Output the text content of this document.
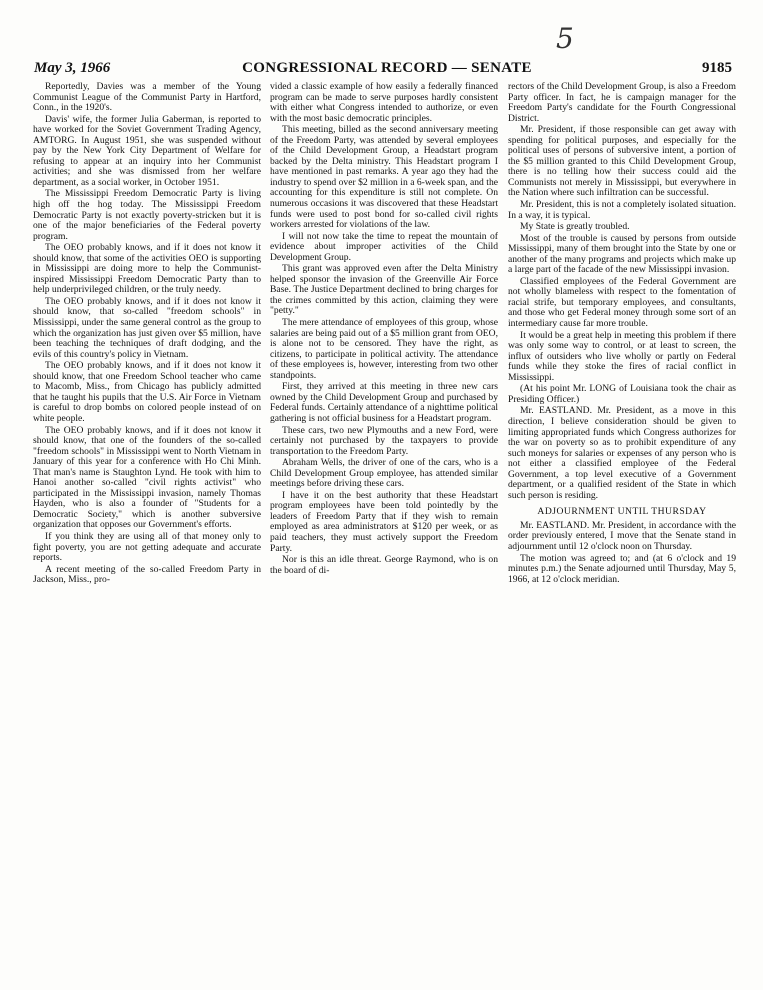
5
May 3, 1966	CONGRESSIONAL RECORD — SENATE	9185

Reportedly, Davies was a member of the Young Communist League of the Communist Party in Hartford, Conn., in the 1920's.

Davis' wife, the former Julia Gaberman, is reported to have worked for the Soviet Government Trading Agency, AMTORG. In August 1951, she was suspended without pay by the New York City Department of Welfare for refusing to appear at an inquiry into her Communist activities; and she was dismissed from her welfare department, as a social worker, in October 1951.

The Mississippi Freedom Democratic Party is living high off the hog today. The Mississippi Freedom Democratic Party is not exactly poverty-stricken but it is one of the major beneficiaries of the Federal poverty program.

The OEO probably knows, and if it does not know it should know, that some of the activities OEO is supporting in Mississippi are doing more to help the Communist-inspired Mississippi Freedom Democratic Party than to help underprivileged children, or the truly needy.

The OEO probably knows, and if it does not know it should know, that so-called "freedom schools" in Mississippi, under the same general control as the group to which the organization has just given over $5 million, have been teaching the techniques of draft dodging, and the evils of this country's policy in Vietnam.

The OEO probably knows, and if it does not know it should know, that one Freedom School teacher who came to Macomb, Miss., from Chicago has publicly admitted that he taught his pupils that the U.S. Air Force in Vietnam is careful to drop bombs on colored people instead of on white people.

The OEO probably knows, and if it does not know it should know, that one of the founders of the so-called "freedom schools" in Mississippi went to North Vietnam in January of this year for a conference with Ho Chi Minh. That man's name is Staughton Lynd. He took with him to Hanoi another so-called "civil rights activist" who participated in the Mississippi invasion, namely Thomas Hayden, who is also a founder of "Students for a Democratic Society," which is another subversive organization that opposes our Government's efforts.

If you think they are using all of that money only to fight poverty, you are not getting adequate and accurate reports.

A recent meeting of the so-called Freedom Party in Jackson, Miss., pro-

vided a classic example of how easily a federally financed program can be made to serve purposes hardly consistent with either what Congress intended to authorize, or even with the most basic democratic principles.

This meeting, billed as the second anniversary meeting of the Freedom Party, was attended by several employees of the Child Development Group, a Headstart program backed by the Delta ministry. This Headstart program I have mentioned in past remarks. A year ago they had the industry to spend over $2 million in a 6-week span, and the accounting for this expenditure is still not complete. On numerous occasions it was discovered that these Headstart funds were used to post bond for so-called civil rights workers arrested for violations of the law.

I will not now take the time to repeat the mountain of evidence about improper activities of the Child Development Group.

This grant was approved even after the Delta Ministry helped sponsor the invasion of the Greenville Air Force Base. The Justice Department declined to bring charges for the crimes committed by this action, claiming they were "petty."

The mere attendance of employees of this group, whose salaries are being paid out of a $5 million grant from OEO, is alone not to be censored. They have the right, as citizens, to participate in political activity. The attendance of these employees is, however, interesting from two other standpoints.

First, they arrived at this meeting in three new cars owned by the Child Development Group and purchased by Federal funds. Certainly attendance of a nighttime political gathering is not official business for a Headstart program.

These cars, two new Plymouths and a new Ford, were certainly not purchased by the taxpayers to provide transportation to the Freedom Party.

Abraham Wells, the driver of one of the cars, who is a Child Development Group employee, has attended similar meetings before driving these cars.

I have it on the best authority that these Headstart program employees have been told pointedly by the leaders of Freedom Party that if they wish to remain employed as area administrators at $120 per week, or as paid teachers, they must actively support the Freedom Party.

Nor is this an idle threat. George Raymond, who is on the board of di-

rectors of the Child Development Group, is also a Freedom Party officer. In fact, he is campaign manager for the Freedom Party's candidate for the Fourth Congressional District.

Mr. President, if those responsible can get away with spending for political purposes, and especially for the political uses of persons of subversive intent, a portion of the $5 million granted to this Child Development Group, there is no telling how their success could aid the Communists not merely in Mississippi, but everywhere in the Nation where such infiltration can be successful.

Mr. President, this is not a completely isolated situation. In a way, it is typical.

My State is greatly troubled.

Most of the trouble is caused by persons from outside Mississippi, many of them brought into the State by one or another of the many programs and projects which make up a large part of the facade of the new Mississippi invasion.

Classified employees of the Federal Government are not wholly blameless with respect to the fomentation of racial strife, but temporary employees, and consultants, and those who get Federal money through some sort of an intermediary cause far more trouble.

It would be a great help in meeting this problem if there was only some way to control, or at least to screen, the influx of outsiders who live wholly or partly on Federal funds while they stoke the fires of racial conflict in Mississippi.

(At his point Mr. LONG of Louisiana took the chair as Presiding Officer.)

Mr. EASTLAND. Mr. President, as a move in this direction, I believe consideration should be given to limiting appropriated funds which Congress authorizes for the war on poverty so as to prohibit expenditure of any such moneys for salaries or expenses of any person who is not either a classified employee of the Federal Government, a top level executive of a Government department, or a qualified resident of the State in which such person is residing.

ADJOURNMENT UNTIL THURSDAY

Mr. EASTLAND. Mr. President, in accordance with the order previously entered, I move that the Senate stand in adjournment until 12 o'clock noon on Thursday.

The motion was agreed to; and (at 6 o'clock and 19 minutes p.m.) the Senate adjourned until Thursday, May 5, 1966, at 12 o'clock meridian.
